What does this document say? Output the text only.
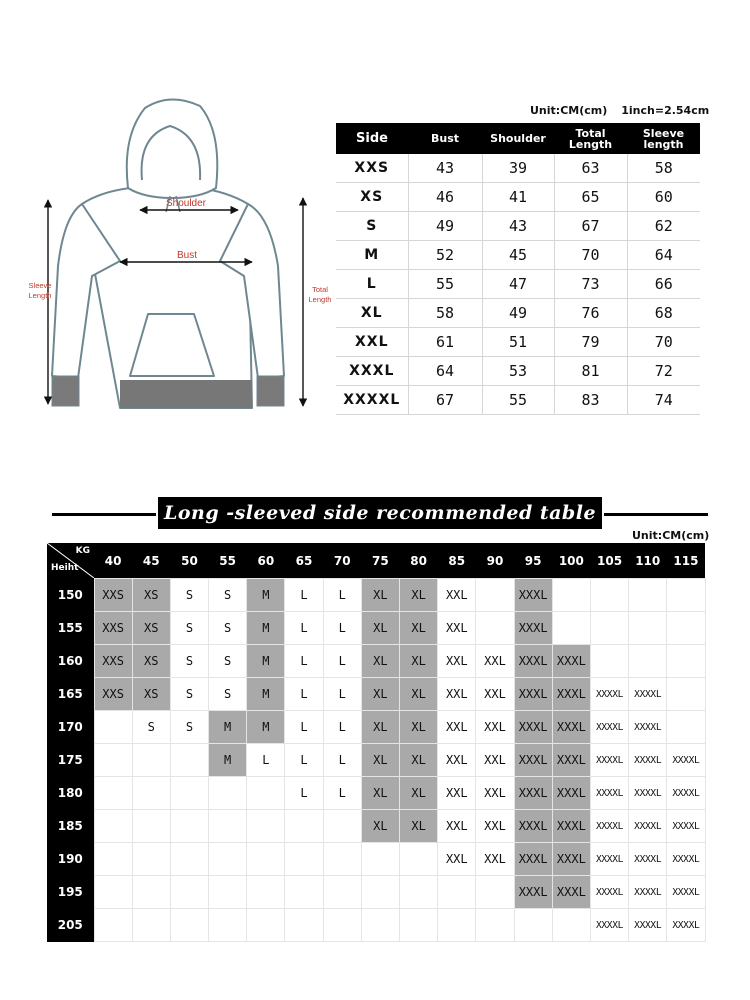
Shoulder
Bust
Sleeve Length
Total Length
Unit:CM(cm) 1inch=2.54cm
Side	Bust	Shoulder	Total Length	Sleeve length
XXS	43	39	63	58
XS	46	41	65	60
S	49	43	67	62
M	52	45	70	64
L	55	47	73	66
XL	58	49	76	68
XXL	61	51	79	70
XXXL	64	53	81	72
XXXXL	67	55	83	74
Long -sleeved side recommended table
Unit:CM(cm)
KG
Heiht	40	45	50	55	60	65	70	75	80	85	90	95	100	105	110	115
150	XXS	XS	S	S	M	L	L	XL	XL	XXL		XXXL				
155	XXS	XS	S	S	M	L	L	XL	XL	XXL		XXXL				
160	XXS	XS	S	S	M	L	L	XL	XL	XXL	XXL	XXXL	XXXL			
165	XXS	XS	S	S	M	L	L	XL	XL	XXL	XXL	XXXL	XXXL	XXXXL	XXXXL	
170		S	S	M	M	L	L	XL	XL	XXL	XXL	XXXL	XXXL	XXXXL	XXXXL	
175				M	L	L	L	XL	XL	XXL	XXL	XXXL	XXXL	XXXXL	XXXXL	XXXXL
180						L	L	XL	XL	XXL	XXL	XXXL	XXXL	XXXXL	XXXXL	XXXXL
185								XL	XL	XXL	XXL	XXXL	XXXL	XXXXL	XXXXL	XXXXL
190										XXL	XXL	XXXL	XXXL	XXXXL	XXXXL	XXXXL
195												XXXL	XXXL	XXXXL	XXXXL	XXXXL
205														XXXXL	XXXXL	XXXXL
